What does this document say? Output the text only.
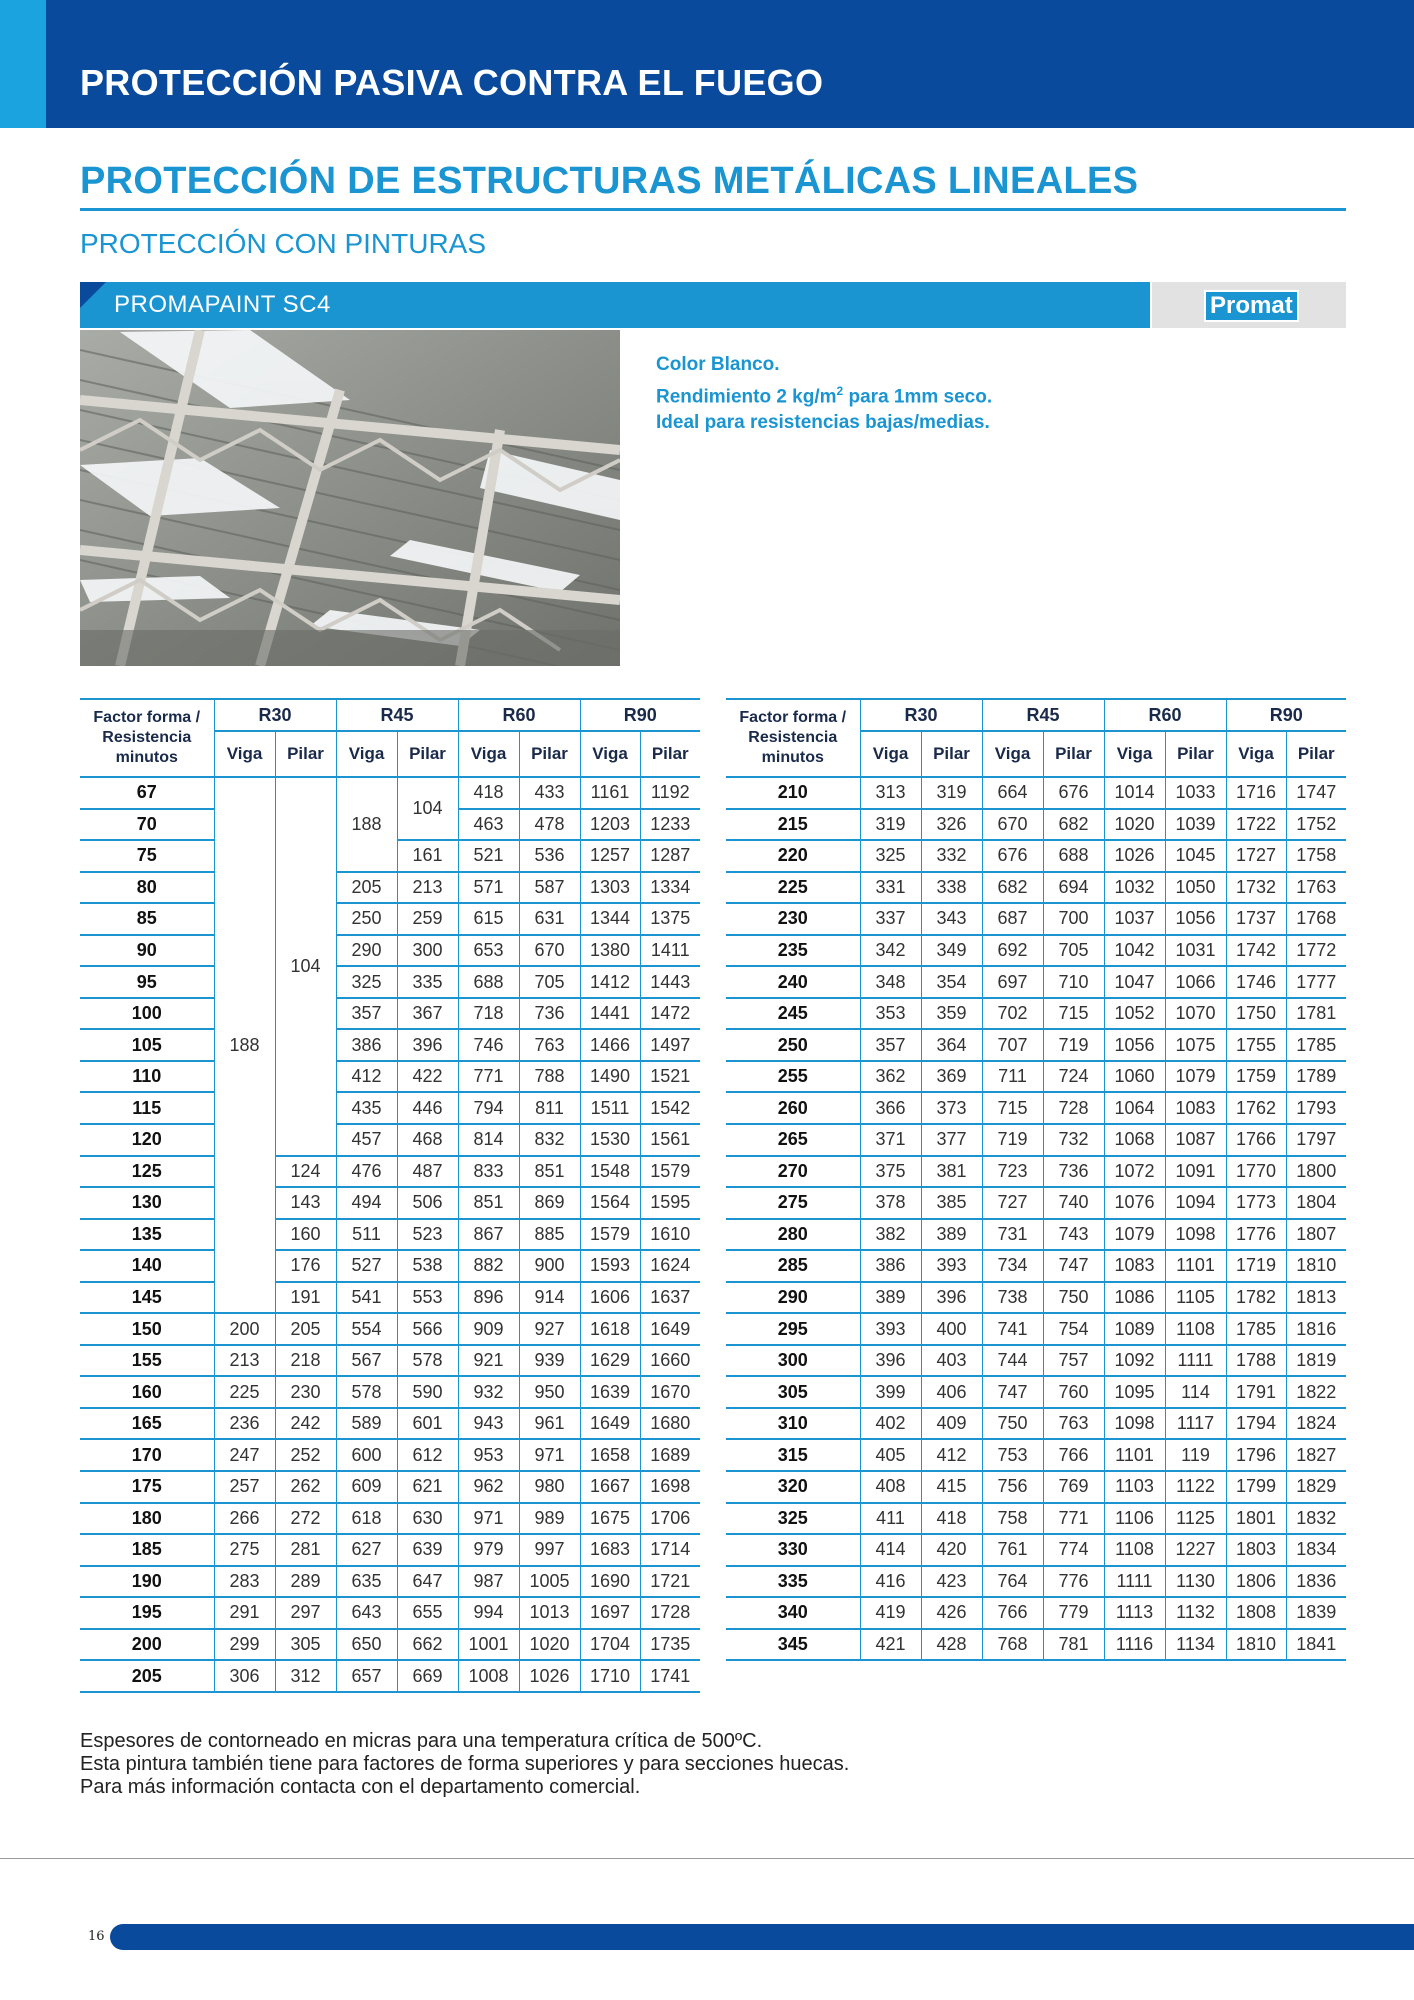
PROTECCIÓN PASIVA CONTRA EL FUEGO
PROTECCIÓN DE ESTRUCTURAS METÁLICAS LINEALES
PROTECCIÓN CON PINTURAS
PROMAPAINT SC4	Promat
Color Blanco.
Rendimiento 2 $kg/m^2$ para 1mm seco.
Ideal para resistencias bajas/medias.
Factor forma / Resistencia minutos	R30		R45		R60		R90	
	Viga	Pilar	Viga	Pilar	Viga	Pilar	Viga	Pilar
67	188	104	188	104	418	433	1161	1192
70					463	478	1203	1233
75				161	521	536	1257	1287
80			205	213	571	587	1303	1334
85			250	259	615	631	1344	1375
90			290	300	653	670	1380	1411
95			325	335	688	705	1412	1443
100			357	367	718	736	1441	1472
105			386	396	746	763	1466	1497
110			412	422	771	788	1490	1521
115			435	446	794	811	1511	1542
120			457	468	814	832	1530	1561
125		124	476	487	833	851	1548	1579
130		143	494	506	851	869	1564	1595
135		160	511	523	867	885	1579	1610
140		176	527	538	882	900	1593	1624
145		191	541	553	896	914	1606	1637
150	200	205	554	566	909	927	1618	1649
155	213	218	567	578	921	939	1629	1660
160	225	230	578	590	932	950	1639	1670
165	236	242	589	601	943	961	1649	1680
170	247	252	600	612	953	971	1658	1689
175	257	262	609	621	962	980	1667	1698
180	266	272	618	630	971	989	1675	1706
185	275	281	627	639	979	997	1683	1714
190	283	289	635	647	987	1005	1690	1721
195	291	297	643	655	994	1013	1697	1728
200	299	305	650	662	1001	1020	1704	1735
205	306	312	657	669	1008	1026	1710	1741
Factor forma / Resistencia minutos	R30		R45		R60		R90	
	Viga	Pilar	Viga	Pilar	Viga	Pilar	Viga	Pilar
210	313	319	664	676	1014	1033	1716	1747
215	319	326	670	682	1020	1039	1722	1752
220	325	332	676	688	1026	1045	1727	1758
225	331	338	682	694	1032	1050	1732	1763
230	337	343	687	700	1037	1056	1737	1768
235	342	349	692	705	1042	1031	1742	1772
240	348	354	697	710	1047	1066	1746	1777
245	353	359	702	715	1052	1070	1750	1781
250	357	364	707	719	1056	1075	1755	1785
255	362	369	711	724	1060	1079	1759	1789
260	366	373	715	728	1064	1083	1762	1793
265	371	377	719	732	1068	1087	1766	1797
270	375	381	723	736	1072	1091	1770	1800
275	378	385	727	740	1076	1094	1773	1804
280	382	389	731	743	1079	1098	1776	1807
285	386	393	734	747	1083	1101	1719	1810
290	389	396	738	750	1086	1105	1782	1813
295	393	400	741	754	1089	1108	1785	1816
300	396	403	744	757	1092	1111	1788	1819
305	399	406	747	760	1095	114	1791	1822
310	402	409	750	763	1098	1117	1794	1824
315	405	412	753	766	1101	119	1796	1827
320	408	415	756	769	1103	1122	1799	1829
325	411	418	758	771	1106	1125	1801	1832
330	414	420	761	774	1108	1227	1803	1834
335	416	423	764	776	1111	1130	1806	1836
340	419	426	766	779	1113	1132	1808	1839
345	421	428	768	781	1116	1134	1810	1841
Espesores de contorneado en micras para una temperatura crítica de 500ºC.
Esta pintura también tiene para factores de forma superiores y para secciones huecas.
Para más información contacta con el departamento comercial.
16
